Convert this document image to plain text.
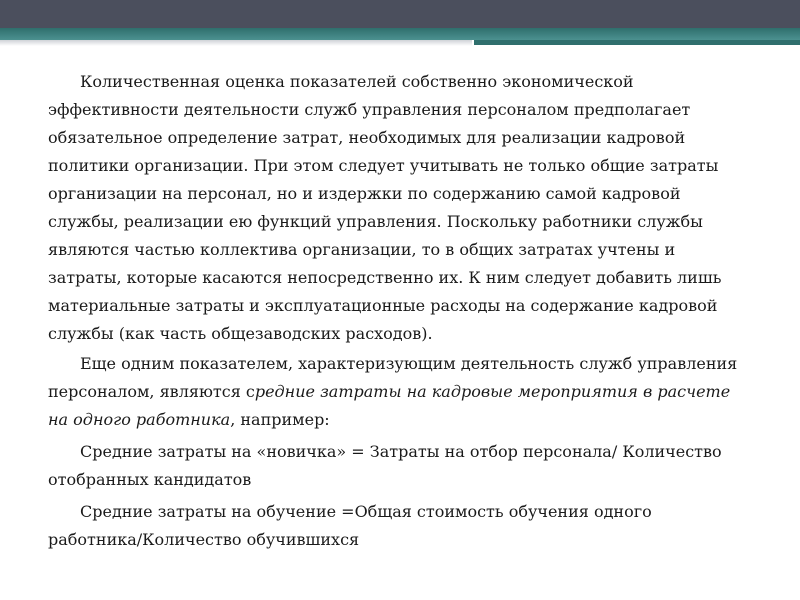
Количественная оценка показателей собственно экономической эффективности деятельности служб управления персоналом предполагает обязательное определение затрат, необходимых для реализации кадровой политики организации. При этом следует учитывать не только общие затраты организации на персонал, но и издержки по содержанию самой кадровой службы, реализации ею функций управления. Поскольку работники службы являются частью коллектива организации, то в общих затратах учтены и затраты, которые касаются непосредственно их. К ним следует добавить лишь материальные затраты и эксплуатационные расходы на содержание кадровой службы (как часть общезаводских расходов).

Еще одним показателем, характеризующим деятельность служб управления персоналом, являются средние затраты на кадровые мероприятия в расчете на одного работника, например:

Средние затраты на «новичка» = Затраты на отбор персонала/ Количество отобранных кандидатов

Средние затраты на обучение =Общая стоимость обучения одного работника/Количество обучившихся
